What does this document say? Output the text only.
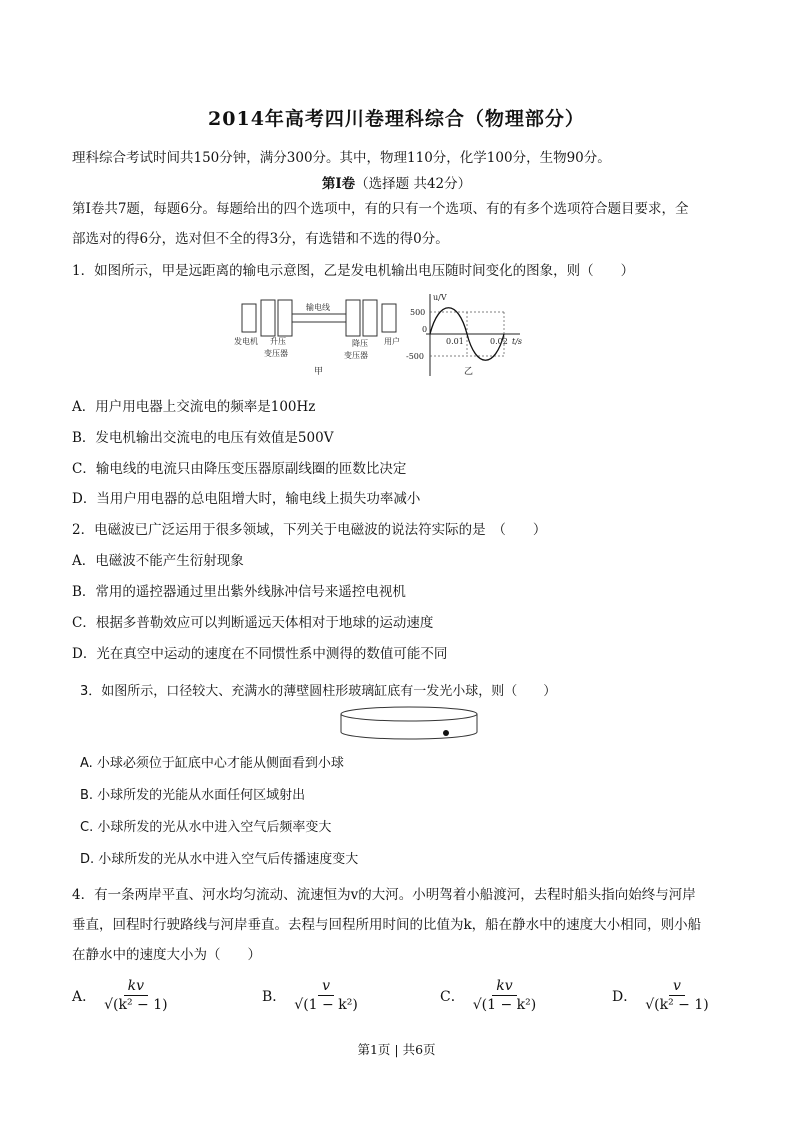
2014年高考四川卷理科综合（物理部分）
理科综合考试时间共150分钟，满分300分。其中，物理110分，化学100分，生物90分。
第Ⅰ卷（选择题 共42分）
第Ⅰ卷共7题，每题6分。每题给出的四个选项中，有的只有一个选项、有的有多个选项符合题目要求，全
部选对的得6分，选对但不全的得3分，有选错和不选的得0分。
1．如图所示，甲是远距离的输电示意图，乙是发电机输出电压随时间变化的图象，则（　　）
发电机 升压
变压器
输电线
降压
变压器
用户
甲
u/V
500
-500
0
0.01	0.02 t/s
乙
A．用户用电器上交流电的频率是100Hz
B．发电机输出交流电的电压有效值是500V
C．输电线的电流只由降压变压器原副线圈的匝数比决定
D．当用户用电器的总电阻增大时，输电线上损失功率减小
2．电磁波已广泛运用于很多领域，下列关于电磁波的说法符实际的是　（　　）
A．电磁波不能产生衍射现象
B．常用的遥控器通过里出紫外线脉冲信号来遥控电视机
C．根据多普勒效应可以判断遥远天体相对于地球的运动速度
D．光在真空中运动的速度在不同惯性系中测得的数值可能不同
3．如图所示，口径较大、充满水的薄壁圆柱形玻璃缸底有一发光小球，则（　　）
A. 小球必须位于缸底中心才能从侧面看到小球
B. 小球所发的光能从水面任何区域射出
C. 小球所发的光从水中进入空气后频率变大
D. 小球所发的光从水中进入空气后传播速度变大
4．有一条两岸平直、河水均匀流动、流速恒为v的大河。小明驾着小船渡河，去程时船头指向始终与河岸
垂直，回程时行驶路线与河岸垂直。去程与回程所用时间的比值为k，船在静水中的速度大小相同，则小船
在静水中的速度大小为（　　）
A． $\frac{kv}{\text{√(k² − 1)}}$	B． $\frac{v}{\text{√(1 − k²)}}$	C． $\frac{kv}{\text{√(1 − k²)}}$	D． $\frac{v}{\text{√(k² − 1)}}$
第1页 | 共6页
